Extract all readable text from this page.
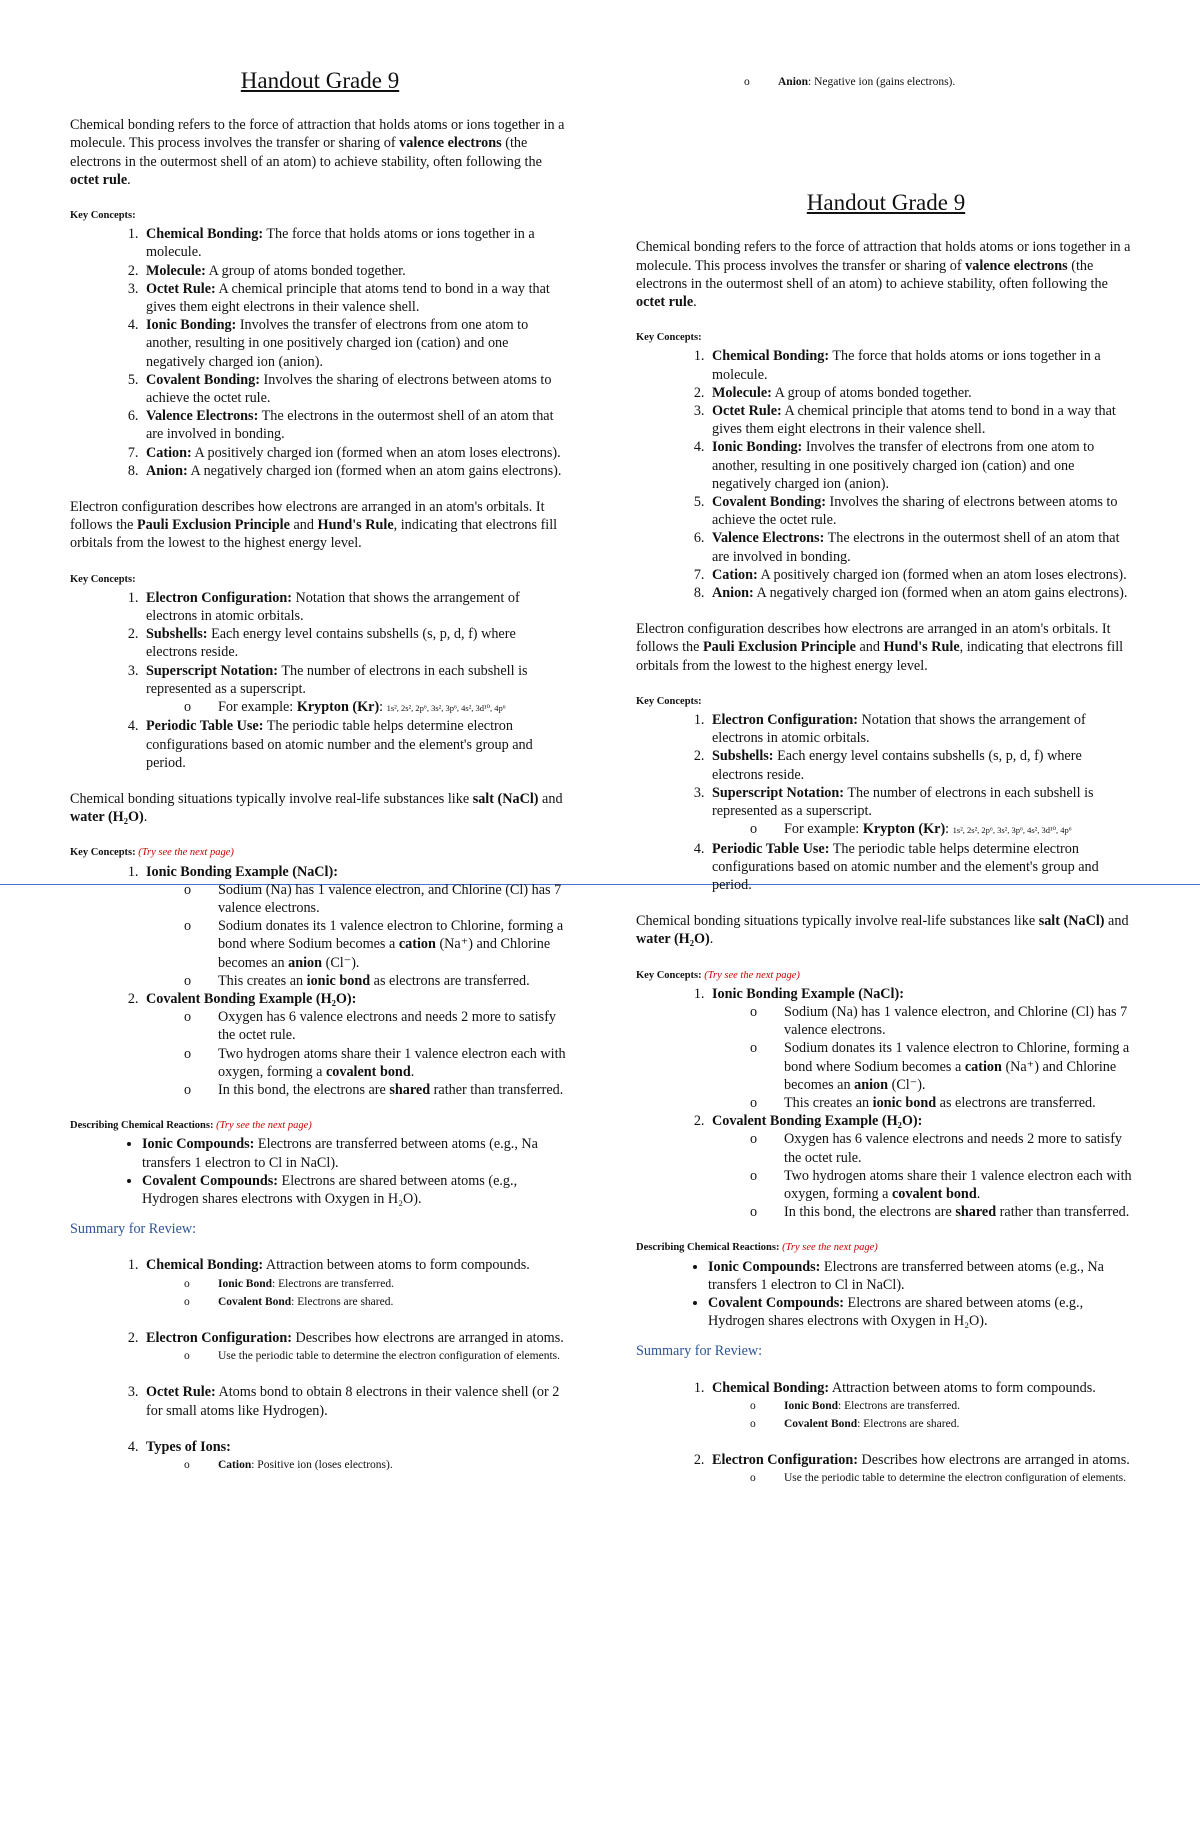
Handout Grade 9

Chemical bonding refers to the force of attraction that holds atoms or ions together in a molecule. This process involves the transfer or sharing of valence electrons (the electrons in the outermost shell of an atom) to achieve stability, often following the octet rule.

Key Concepts:

1. Chemical Bonding: The force that holds atoms or ions together in a molecule.
2. Molecule: A group of atoms bonded together.
3. Octet Rule: A chemical principle that atoms tend to bond in a way that gives them eight electrons in their valence shell.
4. Ionic Bonding: Involves the transfer of electrons from one atom to another, resulting in one positively charged ion (cation) and one negatively charged ion (anion).
5. Covalent Bonding: Involves the sharing of electrons between atoms to achieve the octet rule.
6. Valence Electrons: The electrons in the outermost shell of an atom that are involved in bonding.
7. Cation: A positively charged ion (formed when an atom loses electrons).
8. Anion: A negatively charged ion (formed when an atom gains electrons).

Electron configuration describes how electrons are arranged in an atom's orbitals. It follows the Pauli Exclusion Principle and Hund's Rule, indicating that electrons fill orbitals from the lowest to the highest energy level.

Key Concepts:

1. Electron Configuration: Notation that shows the arrangement of electrons in atomic orbitals.
2. Subshells: Each energy level contains subshells (s, p, d, f) where electrons reside.
3. Superscript Notation: The number of electrons in each subshell is represented as a superscript.
o For example: Krypton (Kr): 1s², 2s², 2p⁶, 3s², 3p⁶, 4s², 3d¹⁰, 4p⁶
4. Periodic Table Use: The periodic table helps determine electron configurations based on atomic number and the element's group and period.

Chemical bonding situations typically involve real-life substances like salt (NaCl) and water (H₂O).

Key Concepts: (Try see the next page)

1. Ionic Bonding Example (NaCl):
o Sodium (Na) has 1 valence electron, and Chlorine (Cl) has 7 valence electrons.
o Sodium donates its 1 valence electron to Chlorine, forming a bond where Sodium becomes a cation (Na⁺) and Chlorine becomes an anion (Cl⁻).
o This creates an ionic bond as electrons are transferred.
2. Covalent Bonding Example (H₂O):
o Oxygen has 6 valence electrons and needs 2 more to satisfy the octet rule.
o Two hydrogen atoms share their 1 valence electron each with oxygen, forming a covalent bond.
o In this bond, the electrons are shared rather than transferred.

Describing Chemical Reactions: (Try see the next page)

• Ionic Compounds: Electrons are transferred between atoms (e.g., Na transfers 1 electron to Cl in NaCl).
• Covalent Compounds: Electrons are shared between atoms (e.g., Hydrogen shares electrons with Oxygen in H₂O).

Summary for Review:

1. Chemical Bonding: Attraction between atoms to form compounds.
o Ionic Bond: Electrons are transferred.
o Covalent Bond: Electrons are shared.
2. Electron Configuration: Describes how electrons are arranged in atoms.
o Use the periodic table to determine the electron configuration of elements.
3. Octet Rule: Atoms bond to obtain 8 electrons in their valence shell (or 2 for small atoms like Hydrogen).
4. Types of Ions:
o Cation: Positive ion (loses electrons).
o Anion: Negative ion (gains electrons).
Handout Grade 9

Chemical bonding refers to the force of attraction that holds atoms or ions together in a molecule. This process involves the transfer or sharing of valence electrons (the electrons in the outermost shell of an atom) to achieve stability, often following the octet rule.

Key Concepts:

1. Chemical Bonding: The force that holds atoms or ions together in a molecule.
2. Molecule: A group of atoms bonded together.
3. Octet Rule: A chemical principle that atoms tend to bond in a way that gives them eight electrons in their valence shell.
4. Ionic Bonding: Involves the transfer of electrons from one atom to another, resulting in one positively charged ion (cation) and one negatively charged ion (anion).
5. Covalent Bonding: Involves the sharing of electrons between atoms to achieve the octet rule.
6. Valence Electrons: The electrons in the outermost shell of an atom that are involved in bonding.
7. Cation: A positively charged ion (formed when an atom loses electrons).
8. Anion: A negatively charged ion (formed when an atom gains electrons).

Electron configuration describes how electrons are arranged in an atom's orbitals. It follows the Pauli Exclusion Principle and Hund's Rule, indicating that electrons fill orbitals from the lowest to the highest energy level.

Key Concepts:

1. Electron Configuration: Notation that shows the arrangement of electrons in atomic orbitals.
2. Subshells: Each energy level contains subshells (s, p, d, f) where electrons reside.
3. Superscript Notation: The number of electrons in each subshell is represented as a superscript.
o For example: Krypton (Kr): 1s², 2s², 2p⁶, 3s², 3p⁶, 4s², 3d¹⁰, 4p⁶
4. Periodic Table Use: The periodic table helps determine electron configurations based on atomic number and the element's group and period.

Chemical bonding situations typically involve real-life substances like salt (NaCl) and water (H₂O).

Key Concepts: (Try see the next page)

1. Ionic Bonding Example (NaCl):
o Sodium (Na) has 1 valence electron, and Chlorine (Cl) has 7 valence electrons.
o Sodium donates its 1 valence electron to Chlorine, forming a bond where Sodium becomes a cation (Na⁺) and Chlorine becomes an anion (Cl⁻).
o This creates an ionic bond as electrons are transferred.
2. Covalent Bonding Example (H₂O):
o Oxygen has 6 valence electrons and needs 2 more to satisfy the octet rule.
o Two hydrogen atoms share their 1 valence electron each with oxygen, forming a covalent bond.
o In this bond, the electrons are shared rather than transferred.

Describing Chemical Reactions: (Try see the next page)

• Ionic Compounds: Electrons are transferred between atoms (e.g., Na transfers 1 electron to Cl in NaCl).
• Covalent Compounds: Electrons are shared between atoms (e.g., Hydrogen shares electrons with Oxygen in H₂O).

Summary for Review:

1. Chemical Bonding: Attraction between atoms to form compounds.
o Ionic Bond: Electrons are transferred.
o Covalent Bond: Electrons are shared.
2. Electron Configuration: Describes how electrons are arranged in atoms.
o Use the periodic table to determine the electron configuration of elements.
